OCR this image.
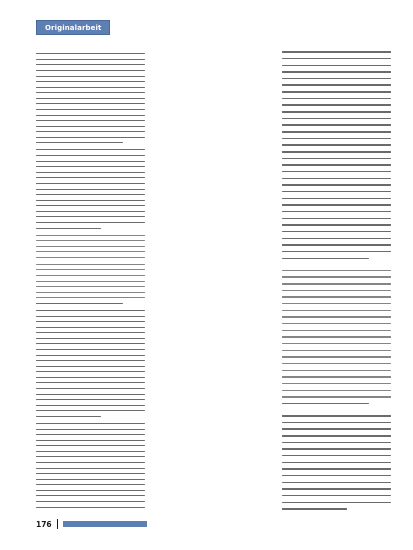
Originalarbeit
176
